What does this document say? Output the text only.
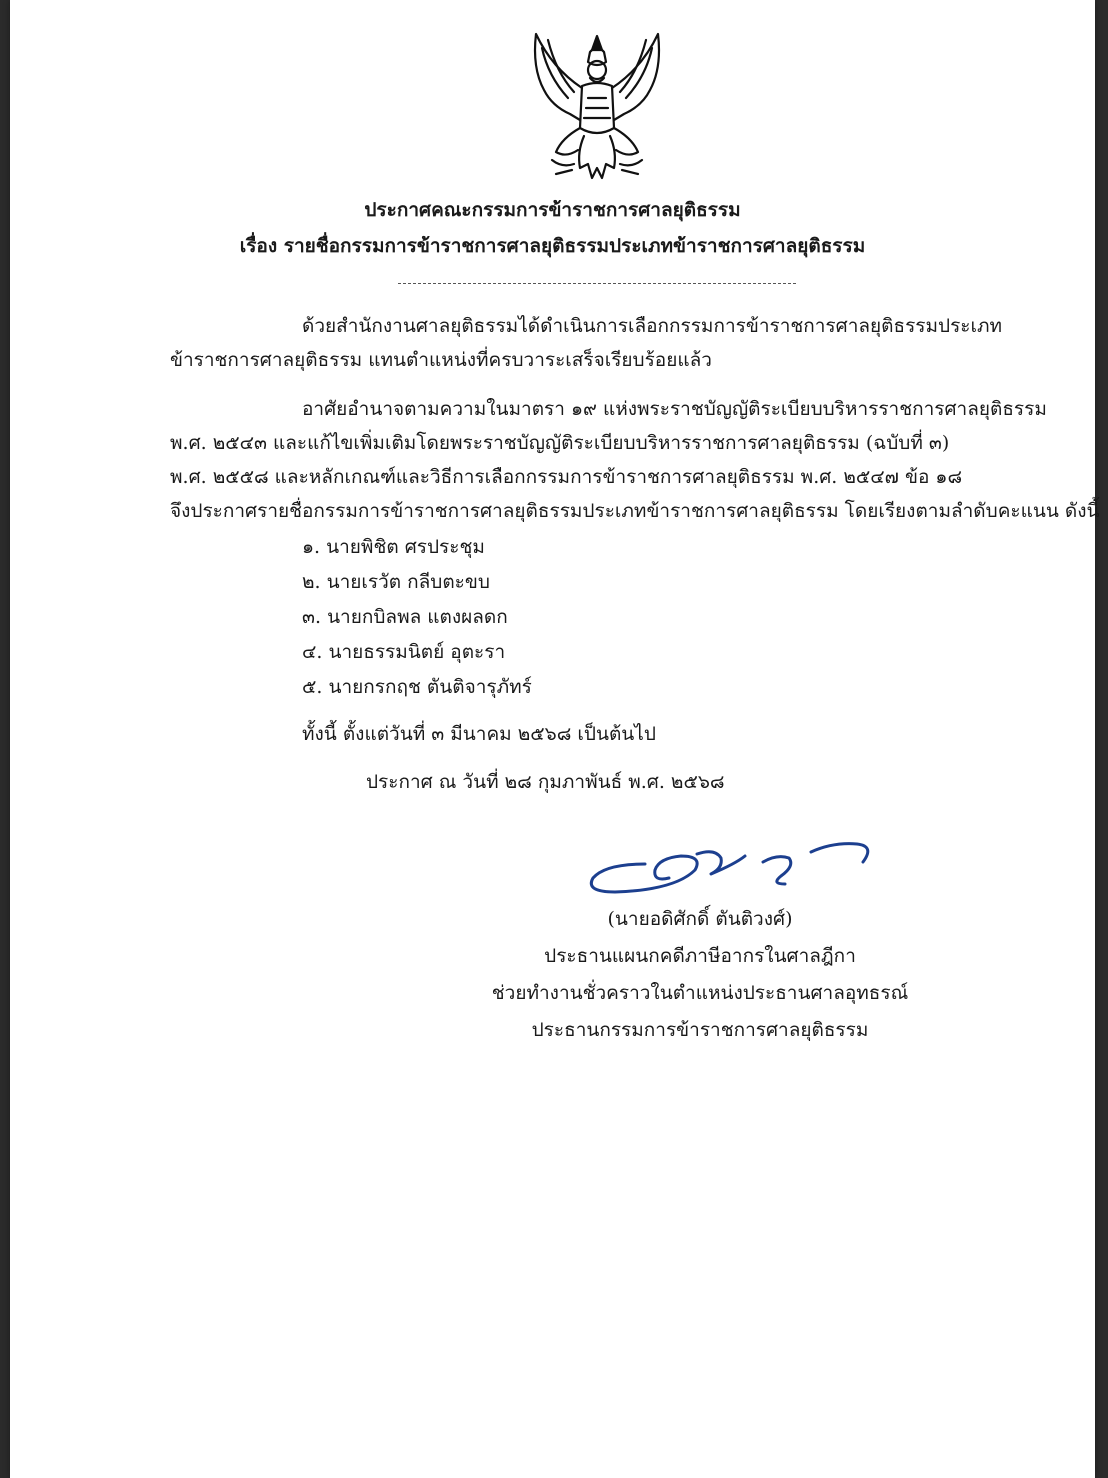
ประกาศคณะกรรมการข้าราชการศาลยุติธรรม
เรื่อง รายชื่อกรรมการข้าราชการศาลยุติธรรมประเภทข้าราชการศาลยุติธรรม
ด้วยสำนักงานศาลยุติธรรมได้ดำเนินการเลือกกรรมการข้าราชการศาลยุติธรรมประเภท
ข้าราชการศาลยุติธรรม แทนตำแหน่งที่ครบวาระเสร็จเรียบร้อยแล้ว
อาศัยอำนาจตามความในมาตรา ๑๙ แห่งพระราชบัญญัติระเบียบบริหารราชการศาลยุติธรรม
พ.ศ. ๒๕๔๓ และแก้ไขเพิ่มเติมโดยพระราชบัญญัติระเบียบบริหารราชการศาลยุติธรรม (ฉบับที่ ๓)
พ.ศ. ๒๕๕๘ และหลักเกณฑ์และวิธีการเลือกกรรมการข้าราชการศาลยุติธรรม พ.ศ. ๒๕๔๗ ข้อ ๑๘
จึงประกาศรายชื่อกรรมการข้าราชการศาลยุติธรรมประเภทข้าราชการศาลยุติธรรม โดยเรียงตามลำดับคะแนน ดังนี้
๑. นายพิชิต ศรประชุม
๒. นายเรวัต กลีบตะขบ
๓. นายกบิลพล แตงผลดก
๔. นายธรรมนิตย์ อุตะรา
๕. นายกรกฤช ตันติจารุภัทร์
ทั้งนี้ ตั้งแต่วันที่ ๓ มีนาคม ๒๕๖๘ เป็นต้นไป
ประกาศ ณ วันที่ ๒๘ กุมภาพันธ์ พ.ศ. ๒๕๖๘
(นายอดิศักดิ์ ตันติวงศ์)
ประธานแผนกคดีภาษีอากรในศาลฎีกา
ช่วยทำงานชั่วคราวในตำแหน่งประธานศาลอุทธรณ์
ประธานกรรมการข้าราชการศาลยุติธรรม
